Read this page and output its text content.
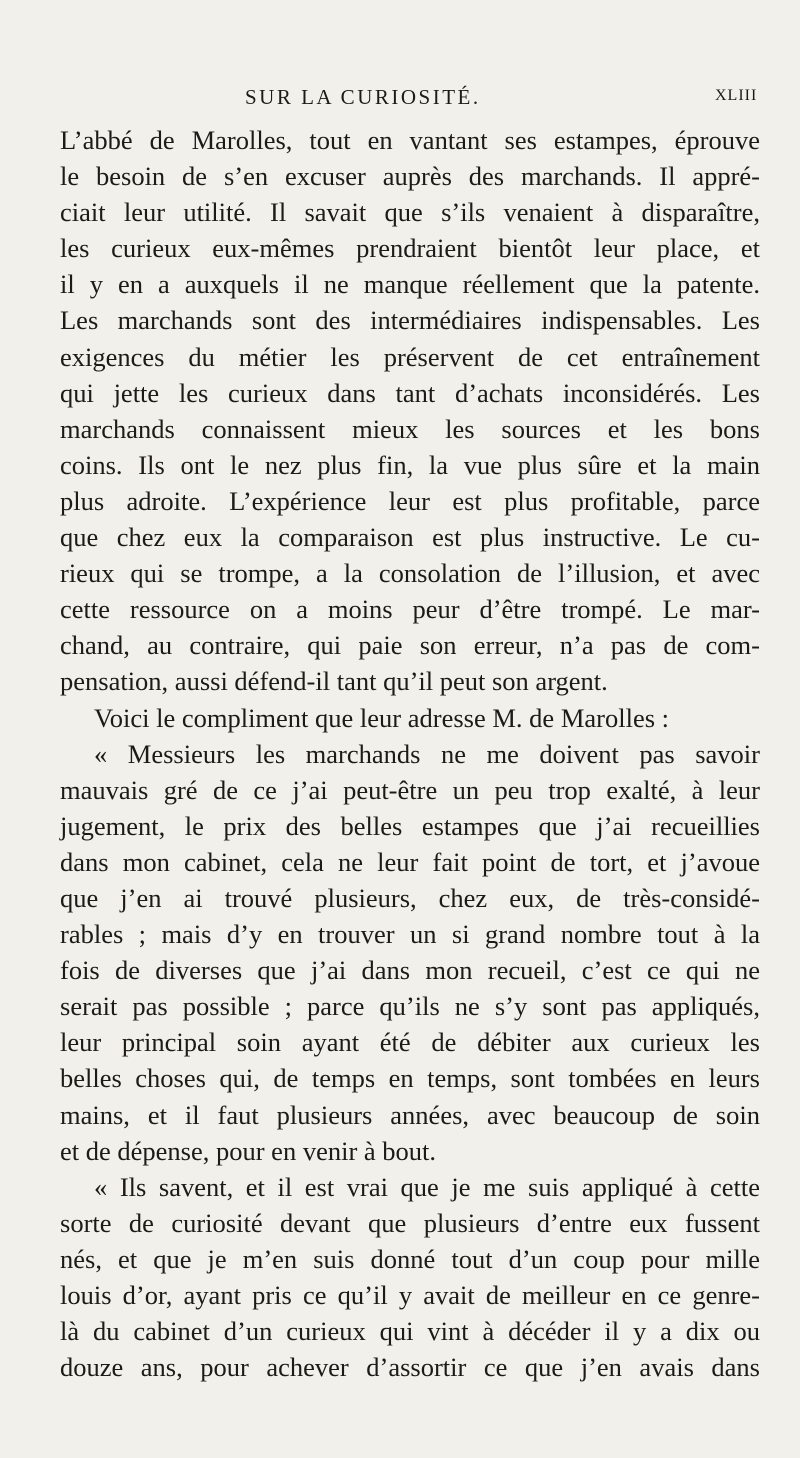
SUR LA CURIOSITÉ.	XLIII
L’abbé de Marolles, tout en vantant ses estampes, éprouve
le besoin de s’en excuser auprès des marchands. Il appré-
ciait leur utilité. Il savait que s’ils venaient à disparaître,
les curieux eux-mêmes prendraient bientôt leur place, et
il y en a auxquels il ne manque réellement que la patente.
Les marchands sont des intermédiaires indispensables. Les
exigences du métier les préservent de cet entraînement
qui jette les curieux dans tant d’achats inconsidérés. Les
marchands connaissent mieux les sources et les bons
coins. Ils ont le nez plus fin, la vue plus sûre et la main
plus adroite. L’expérience leur est plus profitable, parce
que chez eux la comparaison est plus instructive. Le cu-
rieux qui se trompe, a la consolation de l’illusion, et avec
cette ressource on a moins peur d’être trompé. Le mar-
chand, au contraire, qui paie son erreur, n’a pas de com-
pensation, aussi défend-il tant qu’il peut son argent.
Voici le compliment que leur adresse M. de Marolles :
« Messieurs les marchands ne me doivent pas savoir
mauvais gré de ce j’ai peut-être un peu trop exalté, à leur
jugement, le prix des belles estampes que j’ai recueillies
dans mon cabinet, cela ne leur fait point de tort, et j’avoue
que j’en ai trouvé plusieurs, chez eux, de très-considé-
rables ; mais d’y en trouver un si grand nombre tout à la
fois de diverses que j’ai dans mon recueil, c’est ce qui ne
serait pas possible ; parce qu’ils ne s’y sont pas appliqués,
leur principal soin ayant été de débiter aux curieux les
belles choses qui, de temps en temps, sont tombées en leurs
mains, et il faut plusieurs années, avec beaucoup de soin
et de dépense, pour en venir à bout.
« Ils savent, et il est vrai que je me suis appliqué à cette
sorte de curiosité devant que plusieurs d’entre eux fussent
nés, et que je m’en suis donné tout d’un coup pour mille
louis d’or, ayant pris ce qu’il y avait de meilleur en ce genre-
là du cabinet d’un curieux qui vint à décéder il y a dix ou
douze ans, pour achever d’assortir ce que j’en avais dans
